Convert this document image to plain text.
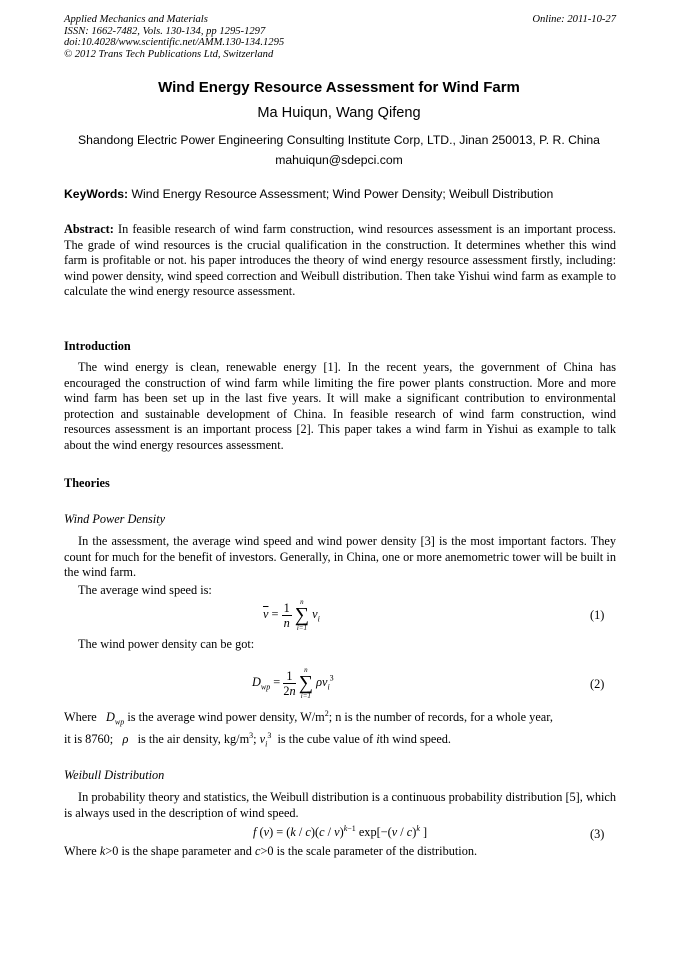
Applied Mechanics and Materials
ISSN: 1662-7482, Vols. 130-134, pp 1295-1297
doi:10.4028/www.scientific.net/AMM.130-134.1295
© 2012 Trans Tech Publications Ltd, Switzerland
Online: 2011-10-27
Wind Energy Resource Assessment for Wind Farm
Ma Huiqun, Wang Qifeng
Shandong Electric Power Engineering Consulting Institute Corp, LTD., Jinan 250013, P. R. China
mahuiqun@sdepci.com
KeyWords: Wind Energy Resource Assessment; Wind Power Density; Weibull Distribution
Abstract: In feasible research of wind farm construction, wind resources assessment is an important process. The grade of wind resources is the crucial qualification in the construction. It determines whether this wind farm is profitable or not. his paper introduces the theory of wind energy resource assessment firstly, including: wind power density, wind speed correction and Weibull distribution. Then take Yishui wind farm as example to calculate the wind energy resource assessment.
Introduction
The wind energy is clean, renewable energy [1]. In the recent years, the government of China has encouraged the construction of wind farm while limiting the fire power plants construction. More and more wind farm has been set up in the last five years. It will make a significant contribution to environmental protection and sustainable development of China. In feasible research of wind farm construction, wind resources assessment is an important process [2]. This paper takes a wind farm in Yishui as example to talk about the wind energy resources assessment.
Theories
Wind Power Density
In the assessment, the average wind speed and wind power density [3] is the most important factors. They count for much for the benefit of investors. Generally, in China, one or more anemometric tower will be built in the wind farm.
The average wind speed is:
$\overline{v} = \frac{1}{n}$
	n
∑
i=1
$v_i$	(1)
The wind power density can be got:
$D_{wp} = \frac{1}{2n}$
	n
∑
i=1
$\rho v_i^3$	(2)
Where $D_{wp}$ is the average wind power density, $W/m^2$; n is the number of records, for a whole year,
it is 8760; ρ is the air density, $kg/m^3$; $v_i^3$ is the cube value of ith wind speed.
Weibull Distribution
In probability theory and statistics, the Weibull distribution is a continuous probability distribution [5], which is always used in the description of wind speed.
f (v) = (k / c)(c / v)$^{k-1}$ exp[−(v / c)$^k$ ]	(3)
Where k>0 is the shape parameter and c>0 is the scale parameter of the distribution.
